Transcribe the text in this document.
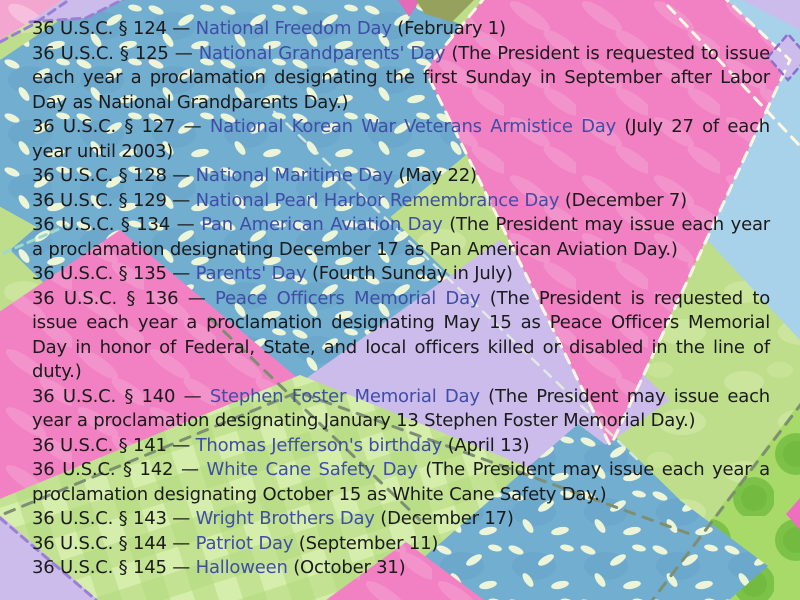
36 U.S.C. § 124 — National Freedom Day (February 1)

36 U.S.C. § 125 — National Grandparents' Day (The President is requested to issue each year a proclamation designating the first Sunday in September after Labor Day as National Grandparents Day.)

36 U.S.C. § 127 — National Korean War Veterans Armistice Day (July 27 of each year until 2003)

36 U.S.C. § 128 — National Maritime Day (May 22)

36 U.S.C. § 129 — National Pearl Harbor Remembrance Day (December 7)

36 U.S.C. § 134 — Pan American Aviation Day (The President may issue each year a proclamation designating December 17 as Pan American Aviation Day.)

36 U.S.C. § 135 — Parents' Day (Fourth Sunday in July)

36 U.S.C. § 136 — Peace Officers Memorial Day (The President is requested to issue each year a proclamation designating May 15 as Peace Officers Memorial Day in honor of Federal, State, and local officers killed or disabled in the line of duty.)

36 U.S.C. § 140 — Stephen Foster Memorial Day (The President may issue each year a proclamation designating January 13 Stephen Foster Memorial Day.)

36 U.S.C. § 141 — Thomas Jefferson's birthday (April 13)

36 U.S.C. § 142 — White Cane Safety Day (The President may issue each year a proclamation designating October 15 as White Cane Safety Day.)

36 U.S.C. § 143 — Wright Brothers Day (December 17)

36 U.S.C. § 144 — Patriot Day (September 11)

36 U.S.C. § 145 — Halloween (October 31)
